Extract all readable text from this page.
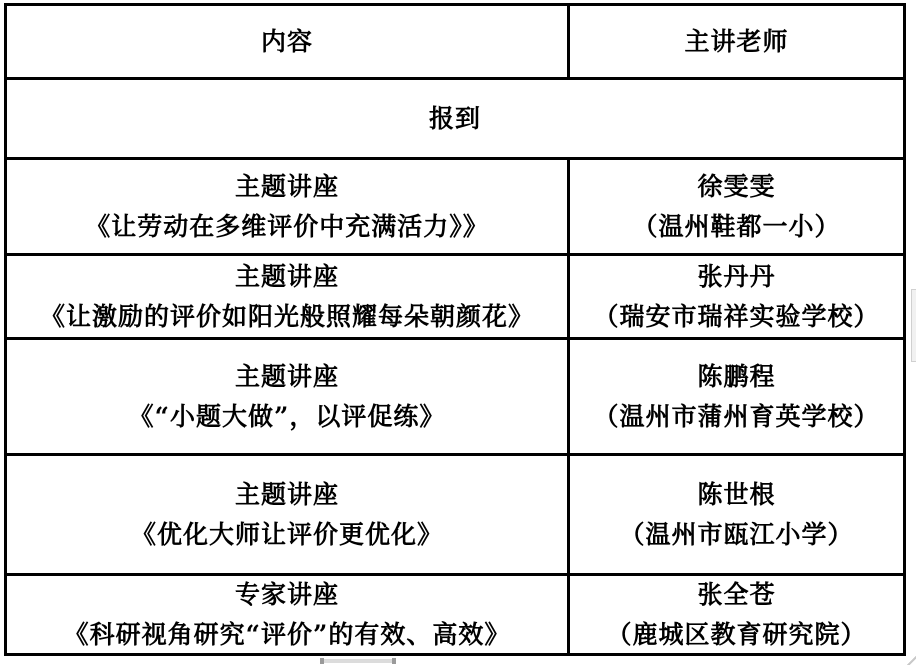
内容	主讲老师
报到
主题讲座
《让劳动在多维评价中充满活力》》
徐雯雯
（温州鞋都一小）
主题讲座
《让激励的评价如阳光般照耀每朵朝颜花》
张丹丹
（瑞安市瑞祥实验学校）
主题讲座
《“小题大做”，以评促练》
陈鹏程
（温州市蒲州育英学校）
主题讲座
《优化大师让评价更优化》
陈世根
（温州市瓯江小学）
专家讲座
《科研视角研究“评价”的有效、高效》
张全苍
（鹿城区教育研究院）
